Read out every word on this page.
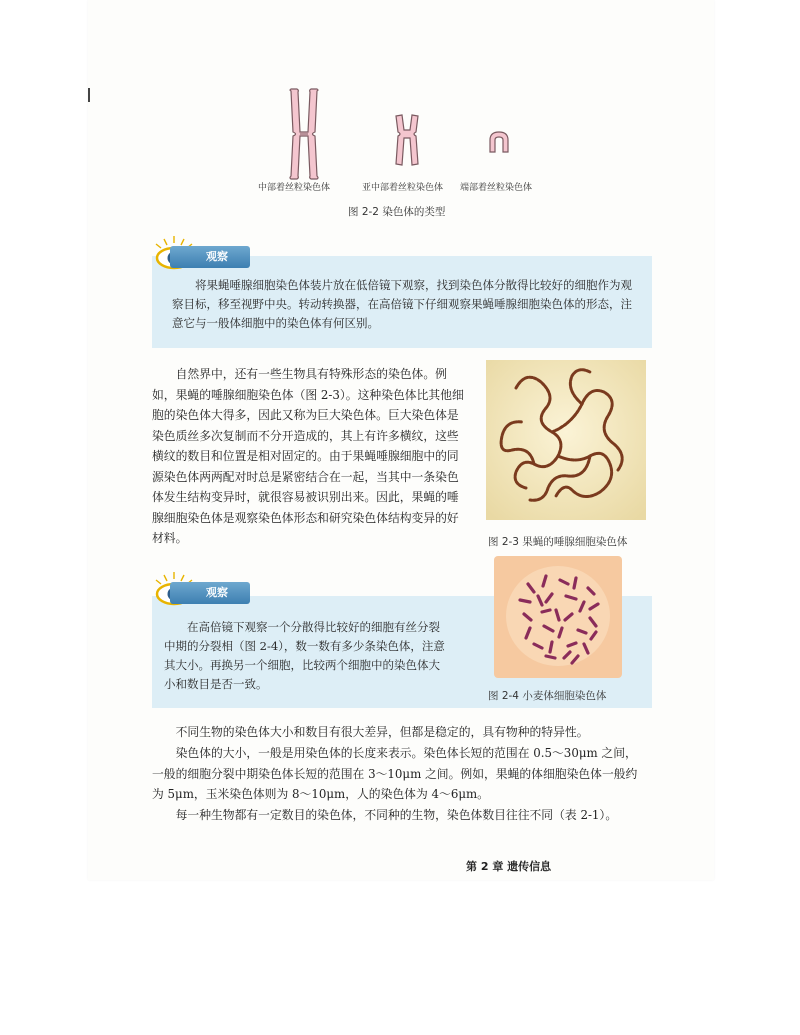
中部着丝粒染色体	亚中部着丝粒染色体 端部着丝粒染色体
图 2-2 染色体的类型
观察
将果蝇唾腺细胞染色体装片放在低倍镜下观察，找到染色体分散得比较好的细胞作为观察目标，移至视野中央。转动转换器，在高倍镜下仔细观察果蝇唾腺细胞染色体的形态，注意它与一般体细胞中的染色体有何区别。
自然界中，还有一些生物具有特殊形态的染色体。例如，果蝇的唾腺细胞染色体（图 2-3）。这种染色体比其他细胞的染色体大得多，因此又称为巨大染色体。巨大染色体是染色质丝多次复制而不分开造成的，其上有许多横纹，这些横纹的数目和位置是相对固定的。由于果蝇唾腺细胞中的同源染色体两两配对时总是紧密结合在一起，当其中一条染色体发生结构变异时，就很容易被识别出来。因此，果蝇的唾腺细胞染色体是观察染色体形态和研究染色体结构变异的好材料。	图 2-3 果蝇的唾腺细胞染色体
观察
在高倍镜下观察一个分散得比较好的细胞有丝分裂中期的分裂相（图 2-4），数一数有多少条染色体，注意其大小。再换另一个细胞，比较两个细胞中的染色体大小和数目是否一致。
图 2-4 小麦体细胞染色体
不同生物的染色体大小和数目有很大差异，但都是稳定的，具有物种的特异性。
染色体的大小，一般是用染色体的长度来表示。染色体长短的范围在 0.5～30μm 之间，一般的细胞分裂中期染色体长短的范围在 3～10μm 之间。例如，果蝇的体细胞染色体一般约为 5μm，玉米染色体则为 8～10μm，人的染色体为 4～6μm。
每一种生物都有一定数目的染色体，不同种的生物，染色体数目往往不同（表 2-1）。
第 2 章 遗传信息
